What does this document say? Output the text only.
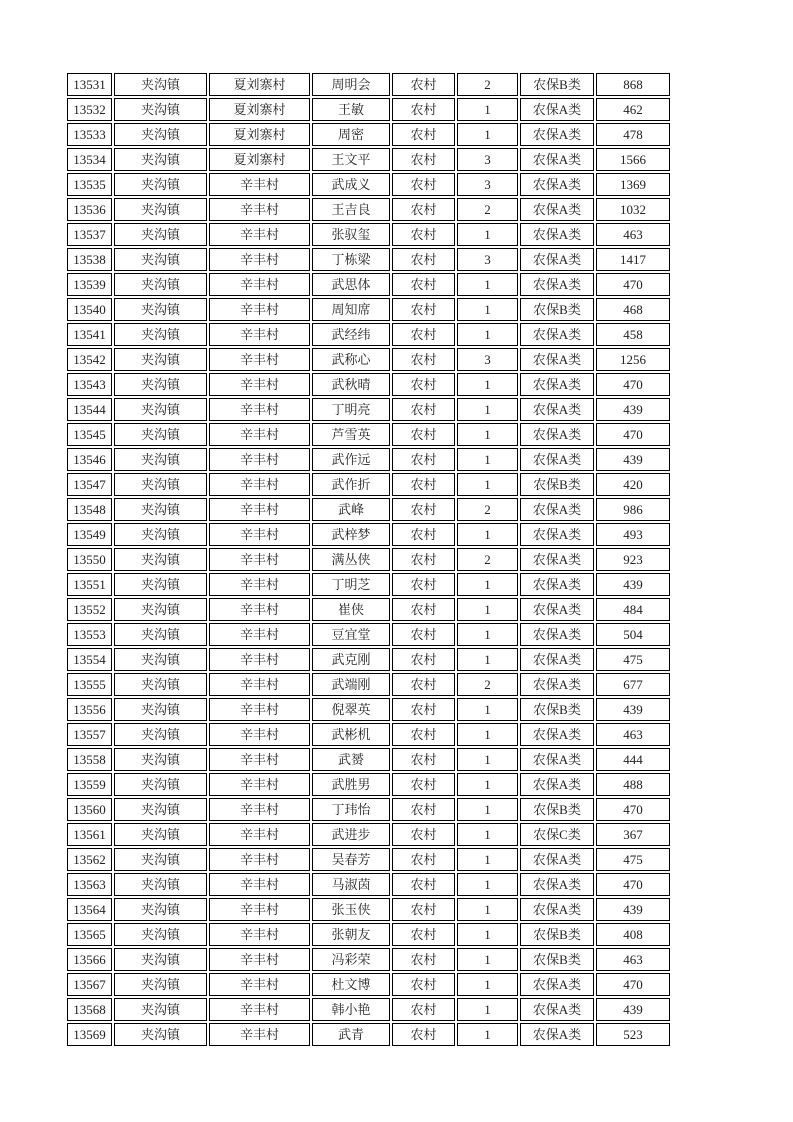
13531	夹沟镇	夏刘寨村	周明会	农村	2	农保B类	868
13532	夹沟镇	夏刘寨村	王敏	农村	1	农保A类	462
13533	夹沟镇	夏刘寨村	周密	农村	1	农保A类	478
13534	夹沟镇	夏刘寨村	王文平	农村	3	农保A类	1566
13535	夹沟镇	辛丰村	武成义	农村	3	农保A类	1369
13536	夹沟镇	辛丰村	王吉良	农村	2	农保A类	1032
13537	夹沟镇	辛丰村	张驭玺	农村	1	农保A类	463
13538	夹沟镇	辛丰村	丁栋梁	农村	3	农保A类	1417
13539	夹沟镇	辛丰村	武思体	农村	1	农保A类	470
13540	夹沟镇	辛丰村	周知席	农村	1	农保B类	468
13541	夹沟镇	辛丰村	武经纬	农村	1	农保A类	458
13542	夹沟镇	辛丰村	武称心	农村	3	农保A类	1256
13543	夹沟镇	辛丰村	武秋晴	农村	1	农保A类	470
13544	夹沟镇	辛丰村	丁明亮	农村	1	农保A类	439
13545	夹沟镇	辛丰村	芦雪英	农村	1	农保A类	470
13546	夹沟镇	辛丰村	武作远	农村	1	农保A类	439
13547	夹沟镇	辛丰村	武作折	农村	1	农保B类	420
13548	夹沟镇	辛丰村	武峰	农村	2	农保A类	986
13549	夹沟镇	辛丰村	武梓梦	农村	1	农保A类	493
13550	夹沟镇	辛丰村	满丛侠	农村	2	农保A类	923
13551	夹沟镇	辛丰村	丁明芝	农村	1	农保A类	439
13552	夹沟镇	辛丰村	崔侠	农村	1	农保A类	484
13553	夹沟镇	辛丰村	豆宜堂	农村	1	农保A类	504
13554	夹沟镇	辛丰村	武克刚	农村	1	农保A类	475
13555	夹沟镇	辛丰村	武端刚	农村	2	农保A类	677
13556	夹沟镇	辛丰村	倪翠英	农村	1	农保B类	439
13557	夹沟镇	辛丰村	武彬机	农村	1	农保A类	463
13558	夹沟镇	辛丰村	武赟	农村	1	农保A类	444
13559	夹沟镇	辛丰村	武胜男	农村	1	农保A类	488
13560	夹沟镇	辛丰村	丁玮怡	农村	1	农保B类	470
13561	夹沟镇	辛丰村	武进步	农村	1	农保C类	367
13562	夹沟镇	辛丰村	吴春芳	农村	1	农保A类	475
13563	夹沟镇	辛丰村	马淑茵	农村	1	农保A类	470
13564	夹沟镇	辛丰村	张玉侠	农村	1	农保A类	439
13565	夹沟镇	辛丰村	张朝友	农村	1	农保B类	408
13566	夹沟镇	辛丰村	冯彩荣	农村	1	农保B类	463
13567	夹沟镇	辛丰村	杜文博	农村	1	农保A类	470
13568	夹沟镇	辛丰村	韩小艳	农村	1	农保A类	439
13569	夹沟镇	辛丰村	武青	农村	1	农保A类	523
